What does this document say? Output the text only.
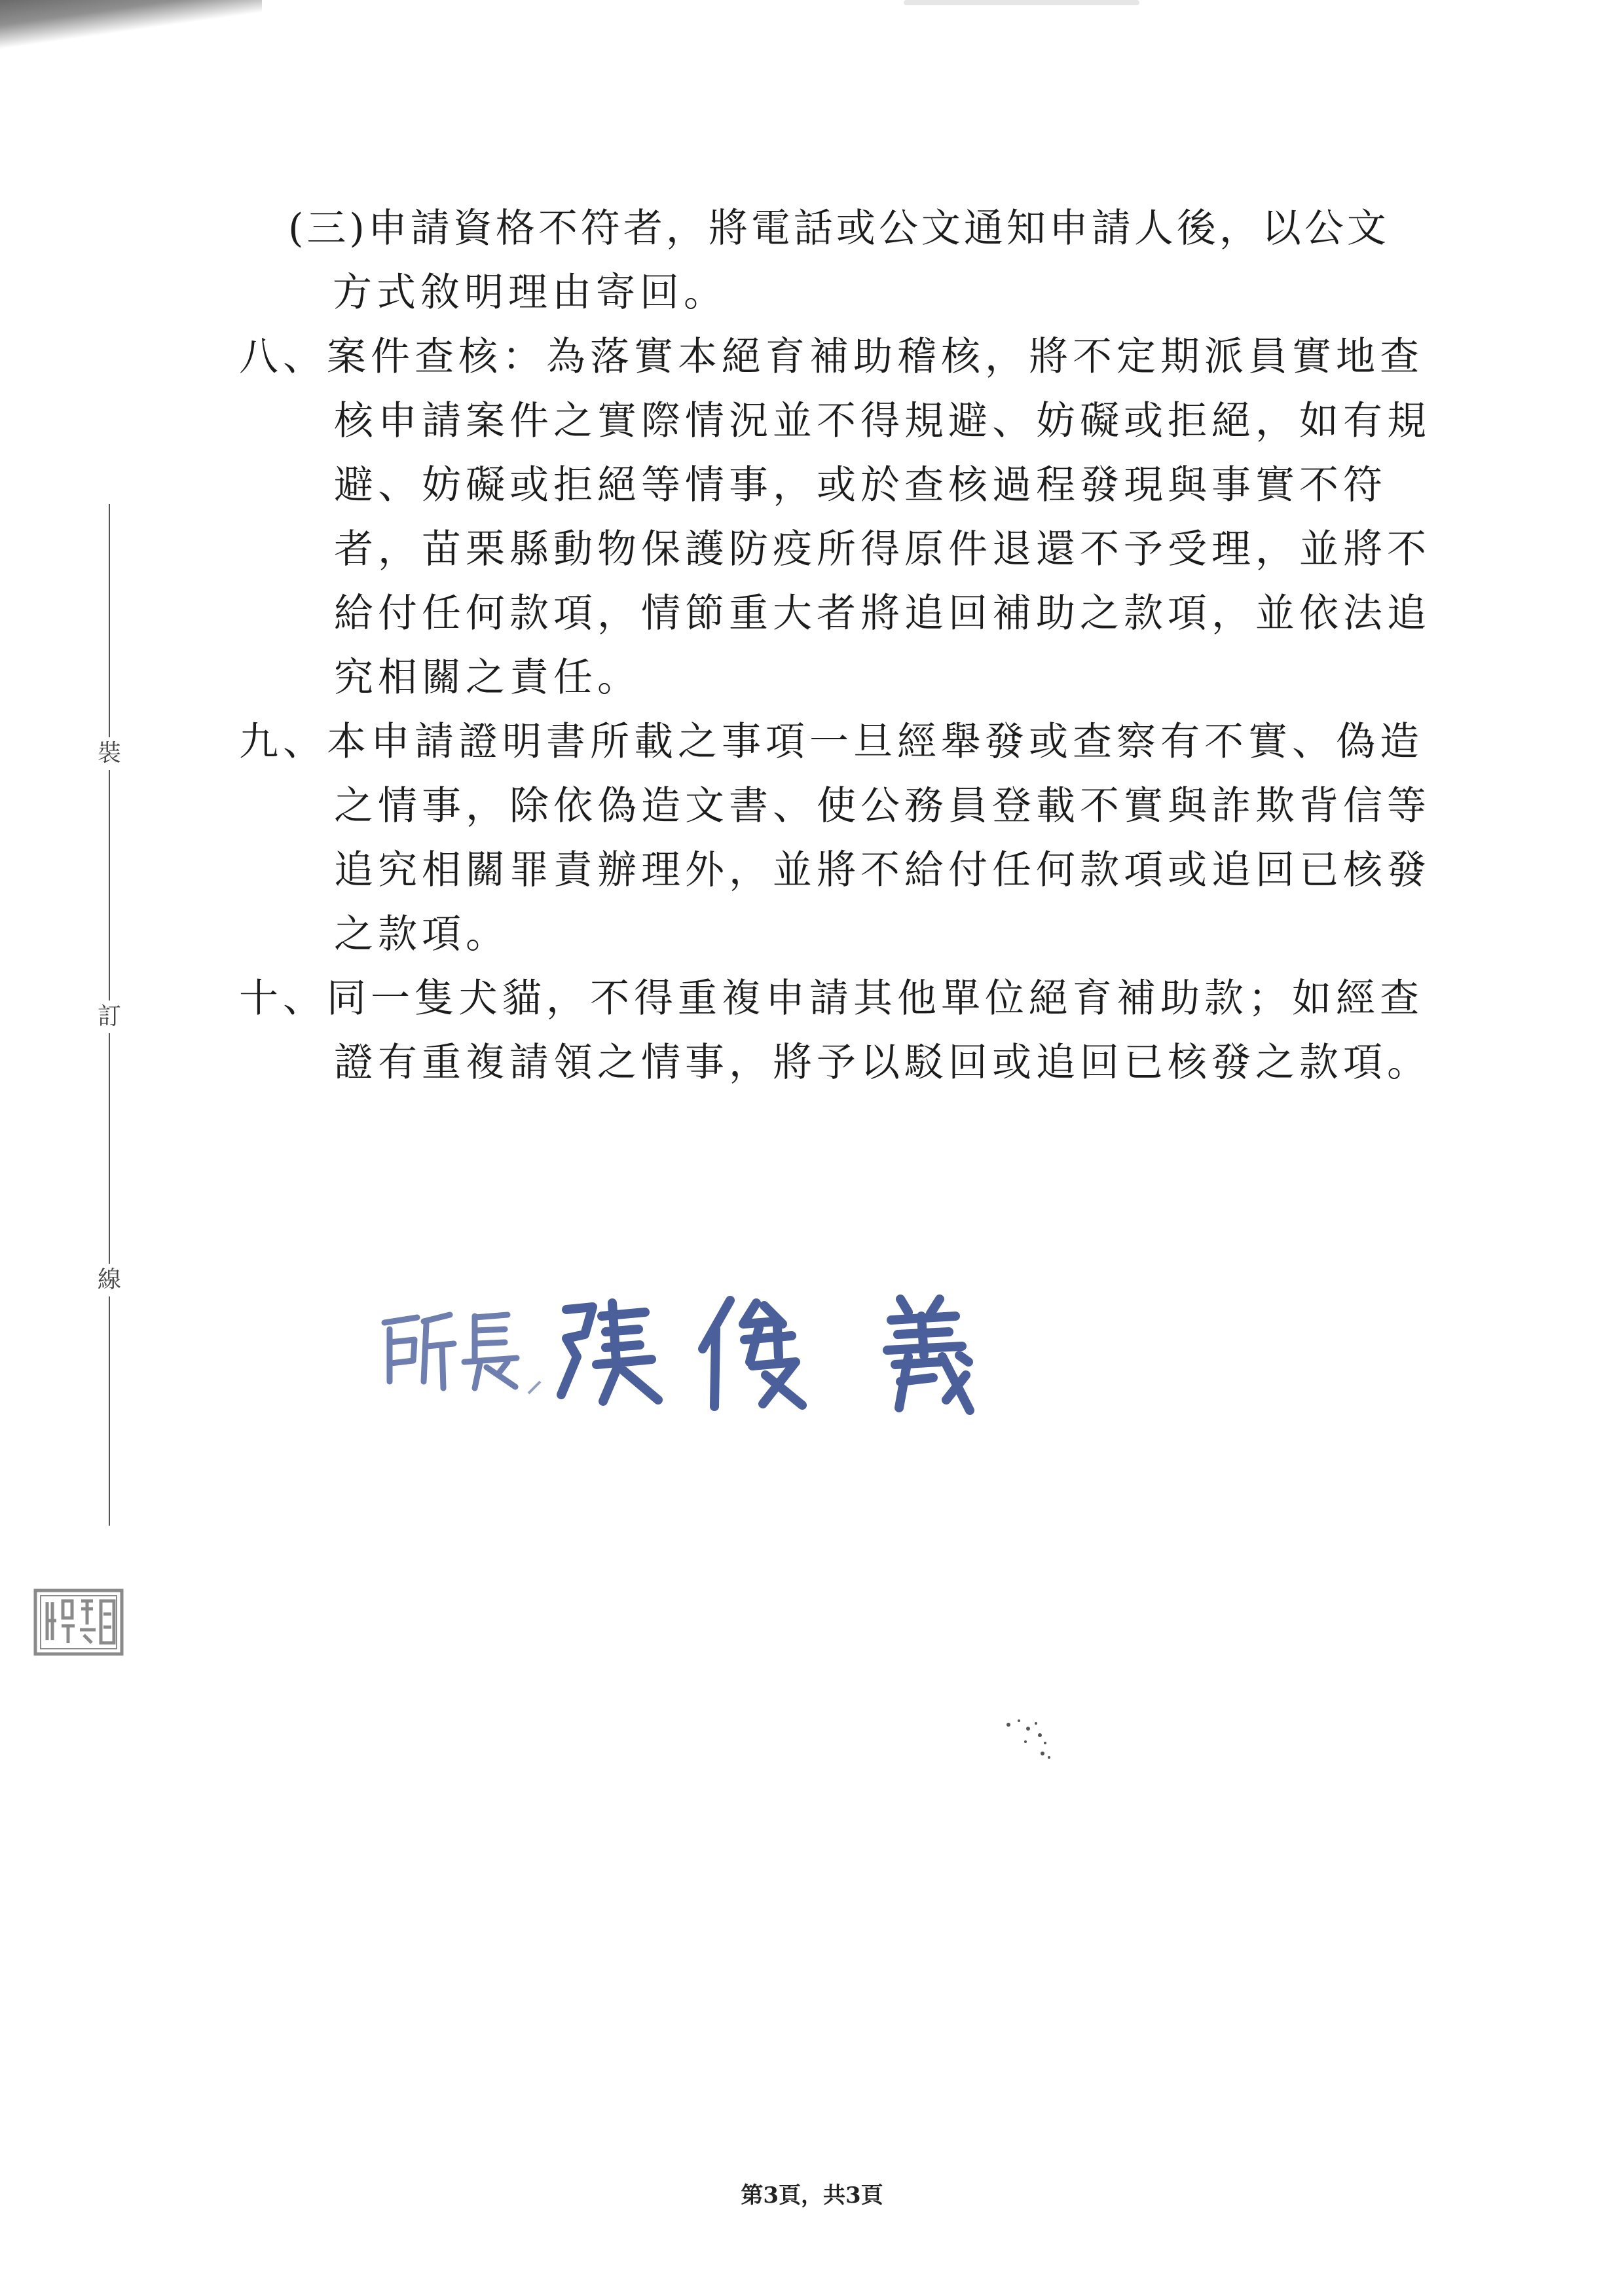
裝
訂
線
(三)申請資格不符者，將電話或公文通知申請人後，以公文
方式敘明理由寄回。
八、案件查核：為落實本絕育補助稽核，將不定期派員實地查
核申請案件之實際情況並不得規避、妨礙或拒絕，如有規
避、妨礙或拒絕等情事，或於查核過程發現與事實不符
者，苗栗縣動物保護防疫所得原件退還不予受理，並將不
給付任何款項，情節重大者將追回補助之款項，並依法追
究相關之責任。
九、本申請證明書所載之事項一旦經舉發或查察有不實、偽造
之情事，除依偽造文書、使公務員登載不實與詐欺背信等
追究相關罪責辦理外，並將不給付任何款項或追回已核發
之款項。
十、同一隻犬貓，不得重複申請其他單位絕育補助款；如經查
證有重複請領之情事，將予以駁回或追回已核發之款項。
第3頁，共3頁
